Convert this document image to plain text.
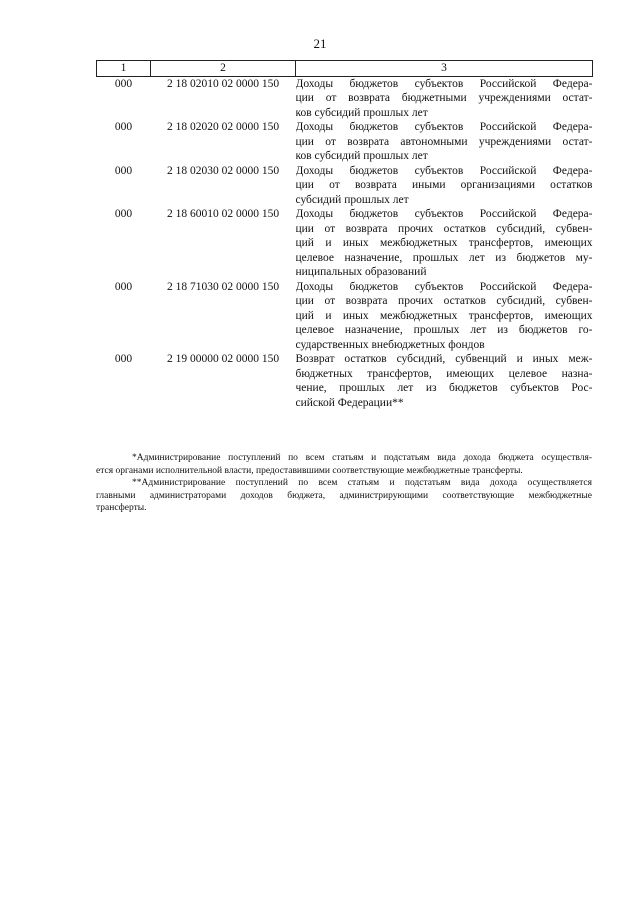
21
1	2	3
000	2 18 02010 02 0000 150	Доходы бюджетов субъектов Российской Федера-
ции от возврата бюджетными учреждениями остат-
ков субсидий прошлых лет

000	2 18 02020 02 0000 150	Доходы бюджетов субъектов Российской Федера-
ции от возврата автономными учреждениями остат-
ков субсидий прошлых лет

000	2 18 02030 02 0000 150	Доходы бюджетов субъектов Российской Федера-
ции от возврата иными организациями остатков
субсидий прошлых лет

000	2 18 60010 02 0000 150	Доходы бюджетов субъектов Российской Федера-
ции от возврата прочих остатков субсидий, субвен-
ций и иных межбюджетных трансфертов, имеющих
целевое назначение, прошлых лет из бюджетов му-
ниципальных образований

000	2 18 71030 02 0000 150	Доходы бюджетов субъектов Российской Федера-
ции от возврата прочих остатков субсидий, субвен-
ций и иных межбюджетных трансфертов, имеющих
целевое назначение, прошлых лет из бюджетов го-
сударственных внебюджетных фондов

000	2 19 00000 02 0000 150	Возврат остатков субсидий, субвенций и иных меж-
бюджетных трансфертов, имеющих целевое назна-
чение, прошлых лет из бюджетов субъектов Рос-
сийской Федерации**
*Администрирование поступлений по всем статьям и подстатьям вида дохода бюджета осуществля-
ется органами исполнительной власти, предоставившими соответствующие межбюджетные трансферты.
**Администрирование поступлений по всем статьям и подстатьям вида дохода осуществляется
главными администраторами доходов бюджета, администрирующими соответствующие межбюджетные
трансферты.
